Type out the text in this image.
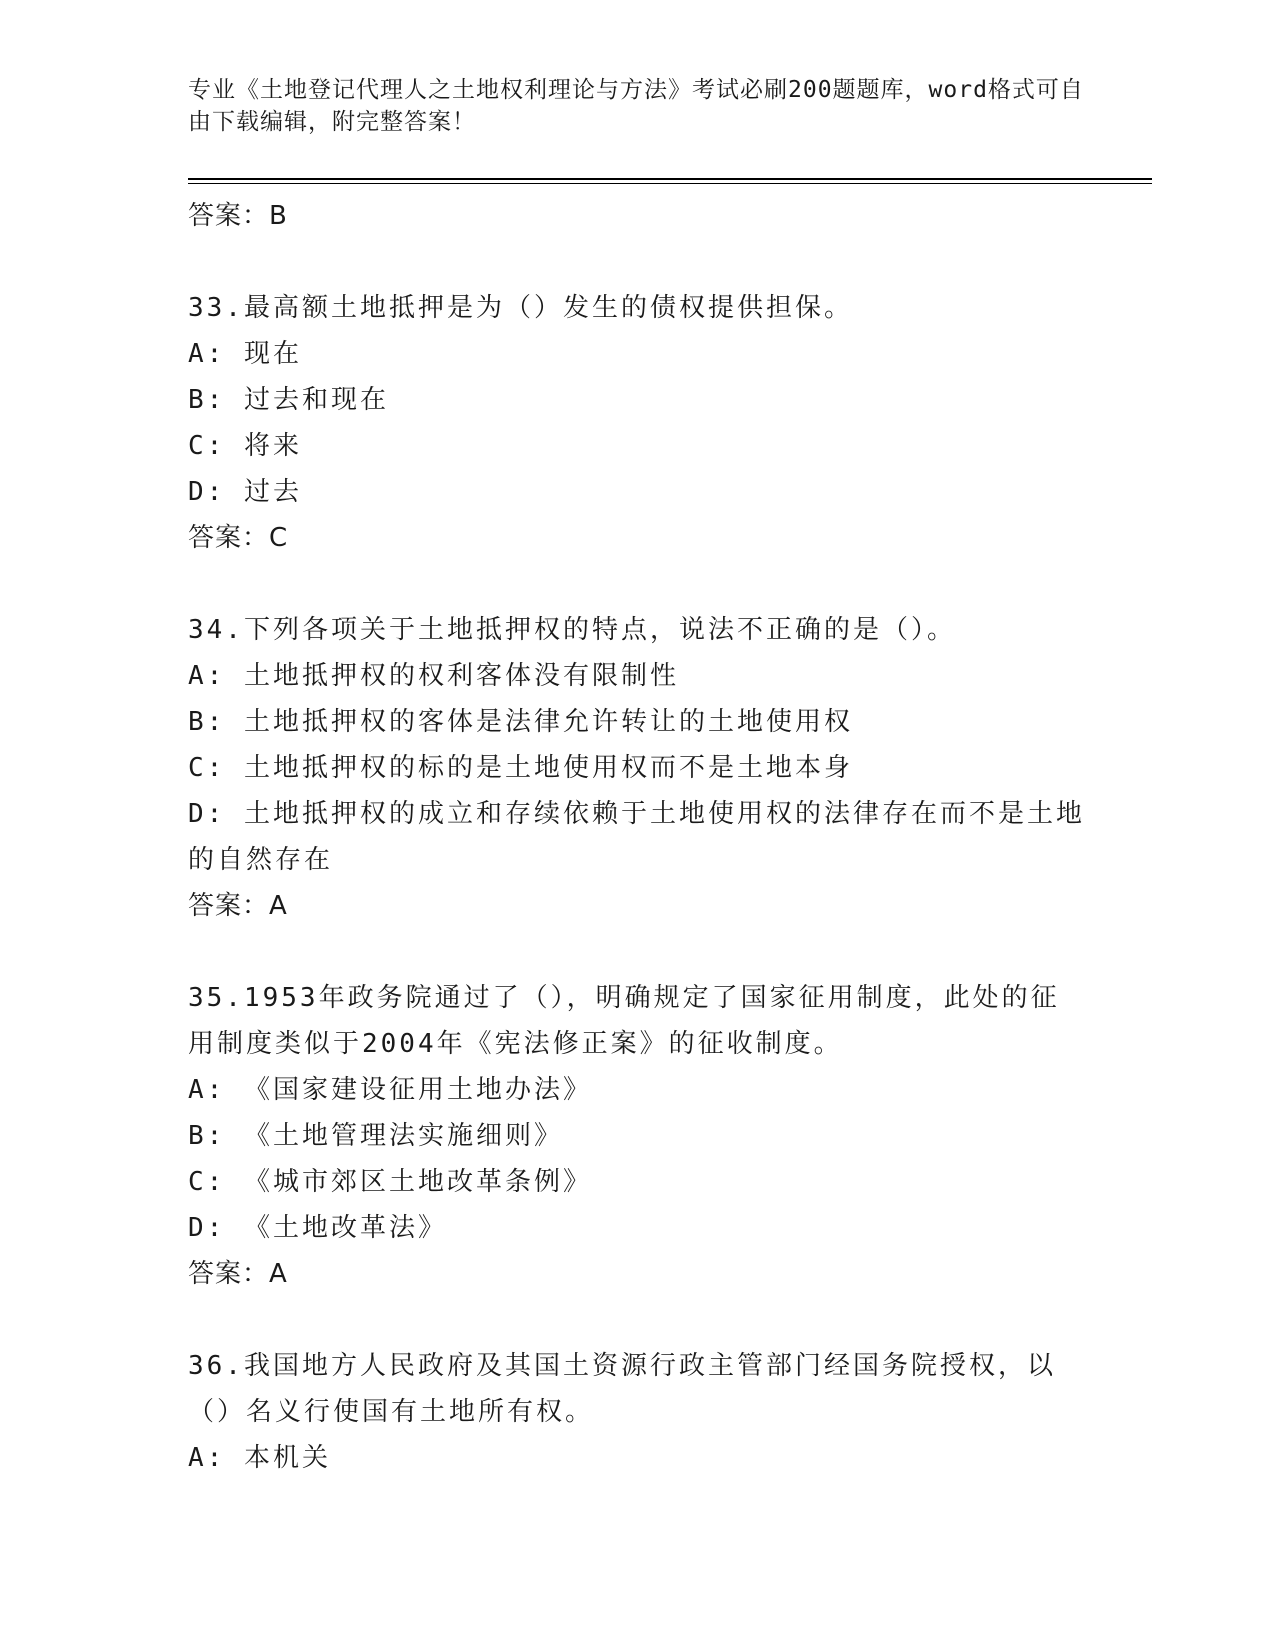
专业《土地登记代理人之土地权利理论与方法》考试必刷200题题库，word格式可自由下载编辑，附完整答案！
答案：B
33.最高额土地抵押是为（）发生的债权提供担保。
A: 现在
B: 过去和现在
C: 将来
D: 过去
答案：C
34.下列各项关于土地抵押权的特点，说法不正确的是（）。
A: 土地抵押权的权利客体没有限制性
B: 土地抵押权的客体是法律允许转让的土地使用权
C: 土地抵押权的标的是土地使用权而不是土地本身
D: 土地抵押权的成立和存续依赖于土地使用权的法律存在而不是土地的自然存在
答案：A
35.1953年政务院通过了（），明确规定了国家征用制度，此处的征用制度类似于2004年《宪法修正案》的征收制度。
A: 《国家建设征用土地办法》
B: 《土地管理法实施细则》
C: 《城市郊区土地改革条例》
D: 《土地改革法》
答案：A
36.我国地方人民政府及其国土资源行政主管部门经国务院授权，以（）名义行使国有土地所有权。
A: 本机关
